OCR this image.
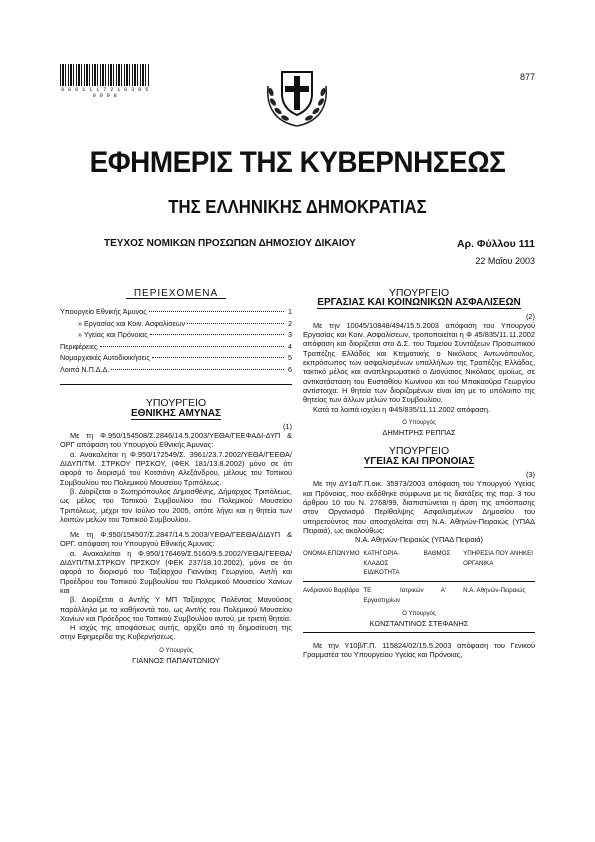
0 0 0 1 1 1 7 2 1 0 3 0 5 0 0 0 8
877
ΕΦΗΜΕΡΙΣ ΤΗΣ ΚΥΒΕΡΝΗΣΕΩΣ
ΤΗΣ ΕΛΛΗΝΙΚΗΣ ΔΗΜΟΚΡΑΤΙΑΣ
ΤΕΥΧΟΣ ΝΟΜΙΚΩΝ ΠΡΟΣΩΠΩΝ ΔΗΜΟΣΙΟΥ ΔΙΚΑΙΟΥ	Αρ. Φύλλου 111
22 Μαΐου 2003
ΠΕΡΙΕΧΟΜΕΝΑ
Υπουργείο Εθνικής Άμυνας	1
» Εργασίας και Κοιν. Ασφαλίσεων	2
» Υγείας και Πρόνοιας	3
Περιφέρειες	4
Νομαρχιακές Αυτοδιοικήσεις	5
Λοιπά Ν.Π.Δ.Δ.	6
ΥΠΟΥΡΓΕΙΟ
ΕΘΝΙΚΗΣ ΑΜΥΝΑΣ
(1)

Με τη Φ.950/154508/Σ.2846/14.5.2003/ΥΕΘΑ/ΓΕΕΦΑΔΙ-ΔΥΠ & ΟΡΓ απόφαση του Υπουργού Εθνικής Άμυνας:

α. Ανακαλείται η Φ.950/172549/Σ. 3961/23.7.2002/ΥΕΘΑ/ΓΕΕΘΑ/ΔΙΔΥΠ/ΤΜ. ΣΤΡΚΟΥ ΠΡΣΚΟΥ, (ΦΕΚ 181/13.8.2002) μόνο σε ότι αφορά το διορισμό του Κοτσιάνη Αλεξάνδρου, μέλους του Τοπικού Συμβουλίου του Πολεμικού Μουσείου Τριπόλεως.

β. Διορίζεται ο Σωτηρόπουλος Δημοσθένης, Δήμαρχος Τριπόλεως, ως μέλος του Τοπικού Συμβουλίου του Πολεμικού Μουσείου Τριπόλεως, μέχρι τον Ιούλιο του 2005, οπότε λήγει και η θητεία των λοιπών μελών του Τοπικού Συμβουλίου.

Με τη Φ.950/154507/Σ.2847/14.5.2003/ΥΕΘΑ/ΓΕΕΘΑ/ΔΙΔΥΠ & ΟΡΓ. απόφαση του Υπουργού Εθνικής Άμυνας:

α. Ανακαλείται η Φ.950/176469/Σ.5160/9.5.2002/ΥΕΘΑ/ΓΕΕΘΑ/ΔΙΔΥΠ/ΤΜ.ΣΤΡΚΟΥ ΠΡΣΚΟΥ (ΦΕΚ 237/18.10.2002), μόνο σε ότι αφορά το διορισμό του Ταξίαρχου Γιαννάκη Γεωργίου, Αντ/ή και Προέδρου του Τοπικού Συμβουλίου του Πολεμικού Μουσείου Χανίων και

β. Διορίζεται ο Αντ/ής Υ ΜΠ Ταξίαρχος Πολέντας Μανούσος παράλληλα με τα καθήκοντά του, ως Αντ/ής του Πολεμικού Μουσείου Χανίων και Πρόεδρος του Τοπικού Συμβουλίου αυτού, με τριετή θητεία.

Η ισχύς της αποφάσεως αυτής, αρχίζει από τη δημοσίευση της στην Εφημερίδα της Κυβερνήσεως.

Ο Υπουργός
ΓΙΑΝΝΟΣ ΠΑΠΑΝΤΩΝΙΟΥ
ΥΠΟΥΡΓΕΙΟ
ΕΡΓΑΣΙΑΣ ΚΑΙ ΚΟΙΝΩΝΙΚΩΝ ΑΣΦΑΛΙΣΕΩΝ
(2)

Με την 10045/10848/494/15.5.2003 απόφαση του Υπουργού Εργασίας και Κοιν. Ασφαλίσεων, τροποποιείται η Φ 45/835/11.11.2002 απόφαση και διορίζεται στο Δ.Σ. του Ταμείου Συντάξεων Προσωπικού Τραπέζης Ελλάδος και Κτηματικής ο Νικόλαος Αντωνόπουλος, εκπρόσωπος των ασφαλισμένων υπαλλήλων της Τραπέζης Ελλάδος, τακτικό μέλος και αναπληρωματικό ο Διονύσιος Νικόλαος ομοίως, σε αντικατάσταση του Ευσταθίου Κωνίνου και του Μπακαούρα Γεωργίου αντίστοιχα. Η θητεία των διοριζομένων είναι ίση με το υπόλοιπο της θητείας των άλλων μελών του Συμβουλίου.

Κατά τα λοιπά ισχύει η Φ45/835/11.11.2002 απόφαση.

Ο Υπουργός
ΔΗΜΗΤΡΗΣ ΡΕΠΠΑΣ
ΥΠΟΥΡΓΕΙΟ
ΥΓΕΙΑΣ ΚΑΙ ΠΡΟΝΟΙΑΣ
(3)

Με την ΔΥ1α/Γ.Π.οικ. 35973/2003 απόφαση του Υπουργού Υγείας και Πρόνοιας, που εκδόθηκε σύμφωνα με τις διατάξεις της παρ. 3 του άρθρου 10 του Ν. 2768/99, διαπιστώνεται η άρση της απόσπασης στον Οργανισμό Περίθαλψης Ασφαλισμένων Δημοσίου του υπηρετούντος που αποσχολείται στη Ν.Α. Αθηνών-Πειραιώς (ΥΠΑΔ Πειραιά), ως ακολούθως:

Ν.Α. Αθηνών-Πειραιώς (ΥΠΑΔ Πειραιά)

ΟΝΟΜΑ ΕΠΩΝΥΜΟ	ΚΑΤΗΓΟΡΙΑ-ΚΛΑΔΟΣ ΕΙΔΙΚΟΤΗΤΑ	ΒΑΘΜΟΣ	ΥΠΗΡΕΣΙΑ ΠΟΥ ΑΝΗΚΕΙ ΟΡΓΑΝΙΚΑ
Ανδριανού Βαρβάρα	ΤΕ Ιατρικών Εργαστηρίων	Α'	Ν.Α. Αθηνών-Πειραιώς
Ο Υπουργός
ΚΩΝΣΤΑΝΤΙΝΟΣ ΣΤΕΦΑΝΗΣ

Με την Υ10β/Γ.Π. 115824/02/15.5.2003 απόφαση του Γενικού Γραμματέα του Υπουργείου Υγείας και Πρόνοιας,
